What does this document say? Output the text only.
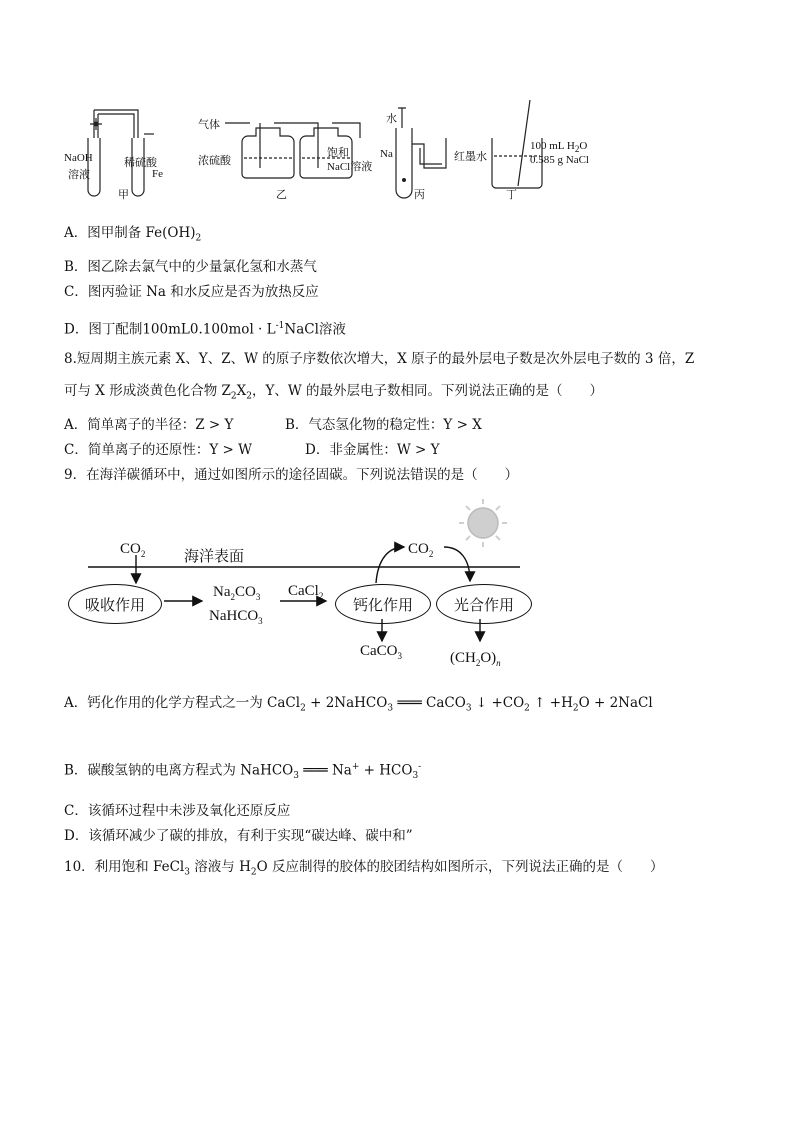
NaOH
溶液
稀硫酸
Fe
甲
气体
浓硫酸
饱和
NaCl溶液
乙
水
Na	红墨水
丙
100 mL $H_2O$
0.585 g NaCl
丁
A．图甲制备 $Fe(OH)_2$
B．图乙除去氯气中的少量氯化氢和水蒸气
C．图丙验证 Na 和水反应是否为放热反应
D．图丁配制$100mL0.100mol \cdot L^{-1}NaCl$溶液
8.短周期主族元素 X、Y、Z、W 的原子序数依次增大，X 原子的最外层电子数是次外层电子数的 3 倍，Z
可与 X 形成淡黄色化合物 $Z_2X_2$，Y、W 的最外层电子数相同。下列说法正确的是（　　）
A．简单离子的半径：Z > Y	B．气态氢化物的稳定性：Y > X
C．简单离子的还原性：Y > W	D．非金属性：W > Y
9．在海洋碳循环中，通过如图所示的途径固碳。下列说法错误的是（　　）
$CO_2$	海洋表面	$CO_2$
吸收作用
$Na_2CO_3$
NaHCO$_3$
CaCl$_2$	钙化作用	光合作用
CaCO$_3$	$(CH_2O)_n$
A．钙化作用的化学方程式之一为 CaCl$_2$ + 2NaHCO$_3$ ═══ CaCO$_3$ ↓ $+CO_2$ ↑ $+H_2O$ + 2NaCl
B．碳酸氢钠的电离方程式为 NaHCO$_3$ ═══ $Na^+ + HCO_3^-$
C．该循环过程中未涉及氧化还原反应
D．该循环减少了碳的排放，有利于实现“碳达峰、碳中和”
10．利用饱和 FeCl$_3$ 溶液与 $H_2O$ 反应制得的胶体的胶团结构如图所示，下列说法正确的是（　　）
